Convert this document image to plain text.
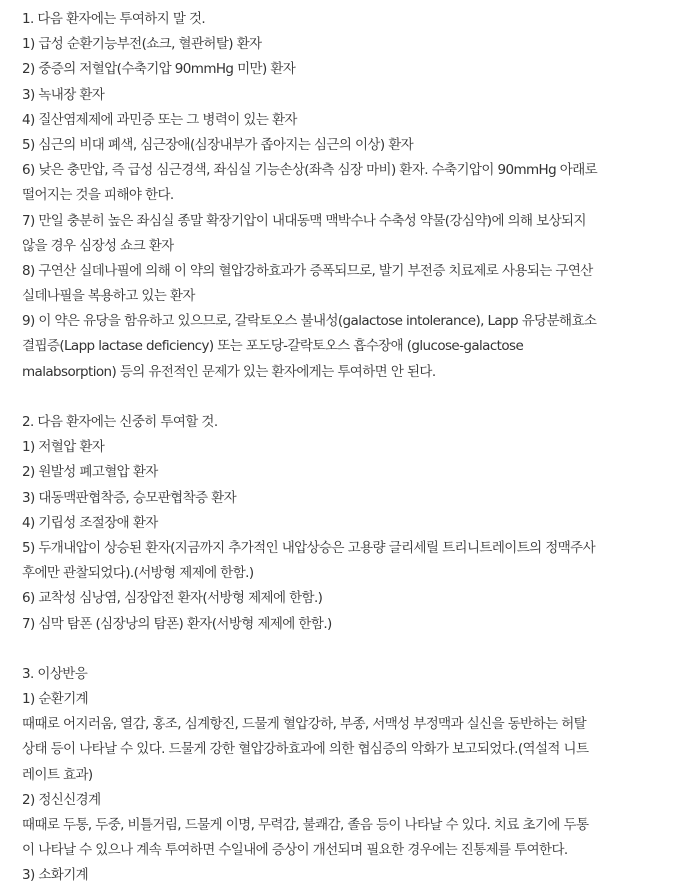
1. 다음 환자에는 투여하지 말 것.
1) 급성 순환기능부전(쇼크, 혈관허탈) 환자
2) 중증의 저혈압(수축기압 90mmHg 미만) 환자
3) 녹내장 환자
4) 질산염제제에 과민증 또는 그 병력이 있는 환자
5) 심근의 비대 폐색, 심근장애(심장내부가 좁아지는 심근의 이상) 환자
6) 낮은 충만압, 즉 급성 심근경색, 좌심실 기능손상(좌측 심장 마비) 환자. 수축기압이 90mmHg 아래로
떨어지는 것을 피해야 한다.
7) 만일 충분히 높은 좌심실 종말 확장기압이 내대동맥 맥박수나 수축성 약물(강심약)에 의해 보상되지
않을 경우 심장성 쇼크 환자
8) 구연산 실데나필에 의해 이 약의 혈압강하효과가 증폭되므로, 발기 부전증 치료제로 사용되는 구연산
실데나필을 복용하고 있는 환자
9) 이 약은 유당을 함유하고 있으므로, 갈락토오스 불내성(galactose intolerance), Lapp 유당분해효소
결핍증(Lapp lactase deficiency) 또는 포도당-갈락토오스 흡수장애 (glucose-galactose
malabsorption) 등의 유전적인 문제가 있는 환자에게는 투여하면 안 된다.
2. 다음 환자에는 신중히 투여할 것.
1) 저혈압 환자
2) 원발성 폐고혈압 환자
3) 대동맥판협착증, 승모판협착증 환자
4) 기립성 조절장애 환자
5) 두개내압이 상승된 환자(지금까지 추가적인 내압상승은 고용량 글리세릴 트리니트레이트의 정맥주사
후에만 관찰되었다).(서방형 제제에 한함.)
6) 교착성 심낭염, 심장압전 환자(서방형 제제에 한함.)
7) 심막 탐폰 (심장낭의 탐폰) 환자(서방형 제제에 한함.)
3. 이상반응
1) 순환기계
때때로 어지러움, 열감, 홍조, 심계항진, 드물게 혈압강하, 부종, 서맥성 부정맥과 실신을 동반하는 허탈
상태 등이 나타날 수 있다. 드물게 강한 혈압강하효과에 의한 협심증의 악화가 보고되었다.(역설적 니트
레이트 효과)
2) 정신신경계
때때로 두통, 두중, 비틀거림, 드물게 이명, 무력감, 불쾌감, 졸음 등이 나타날 수 있다. 치료 초기에 두통
이 나타날 수 있으나 계속 투여하면 수일내에 증상이 개선되며 필요한 경우에는 진통제를 투여한다.
3) 소화기계
